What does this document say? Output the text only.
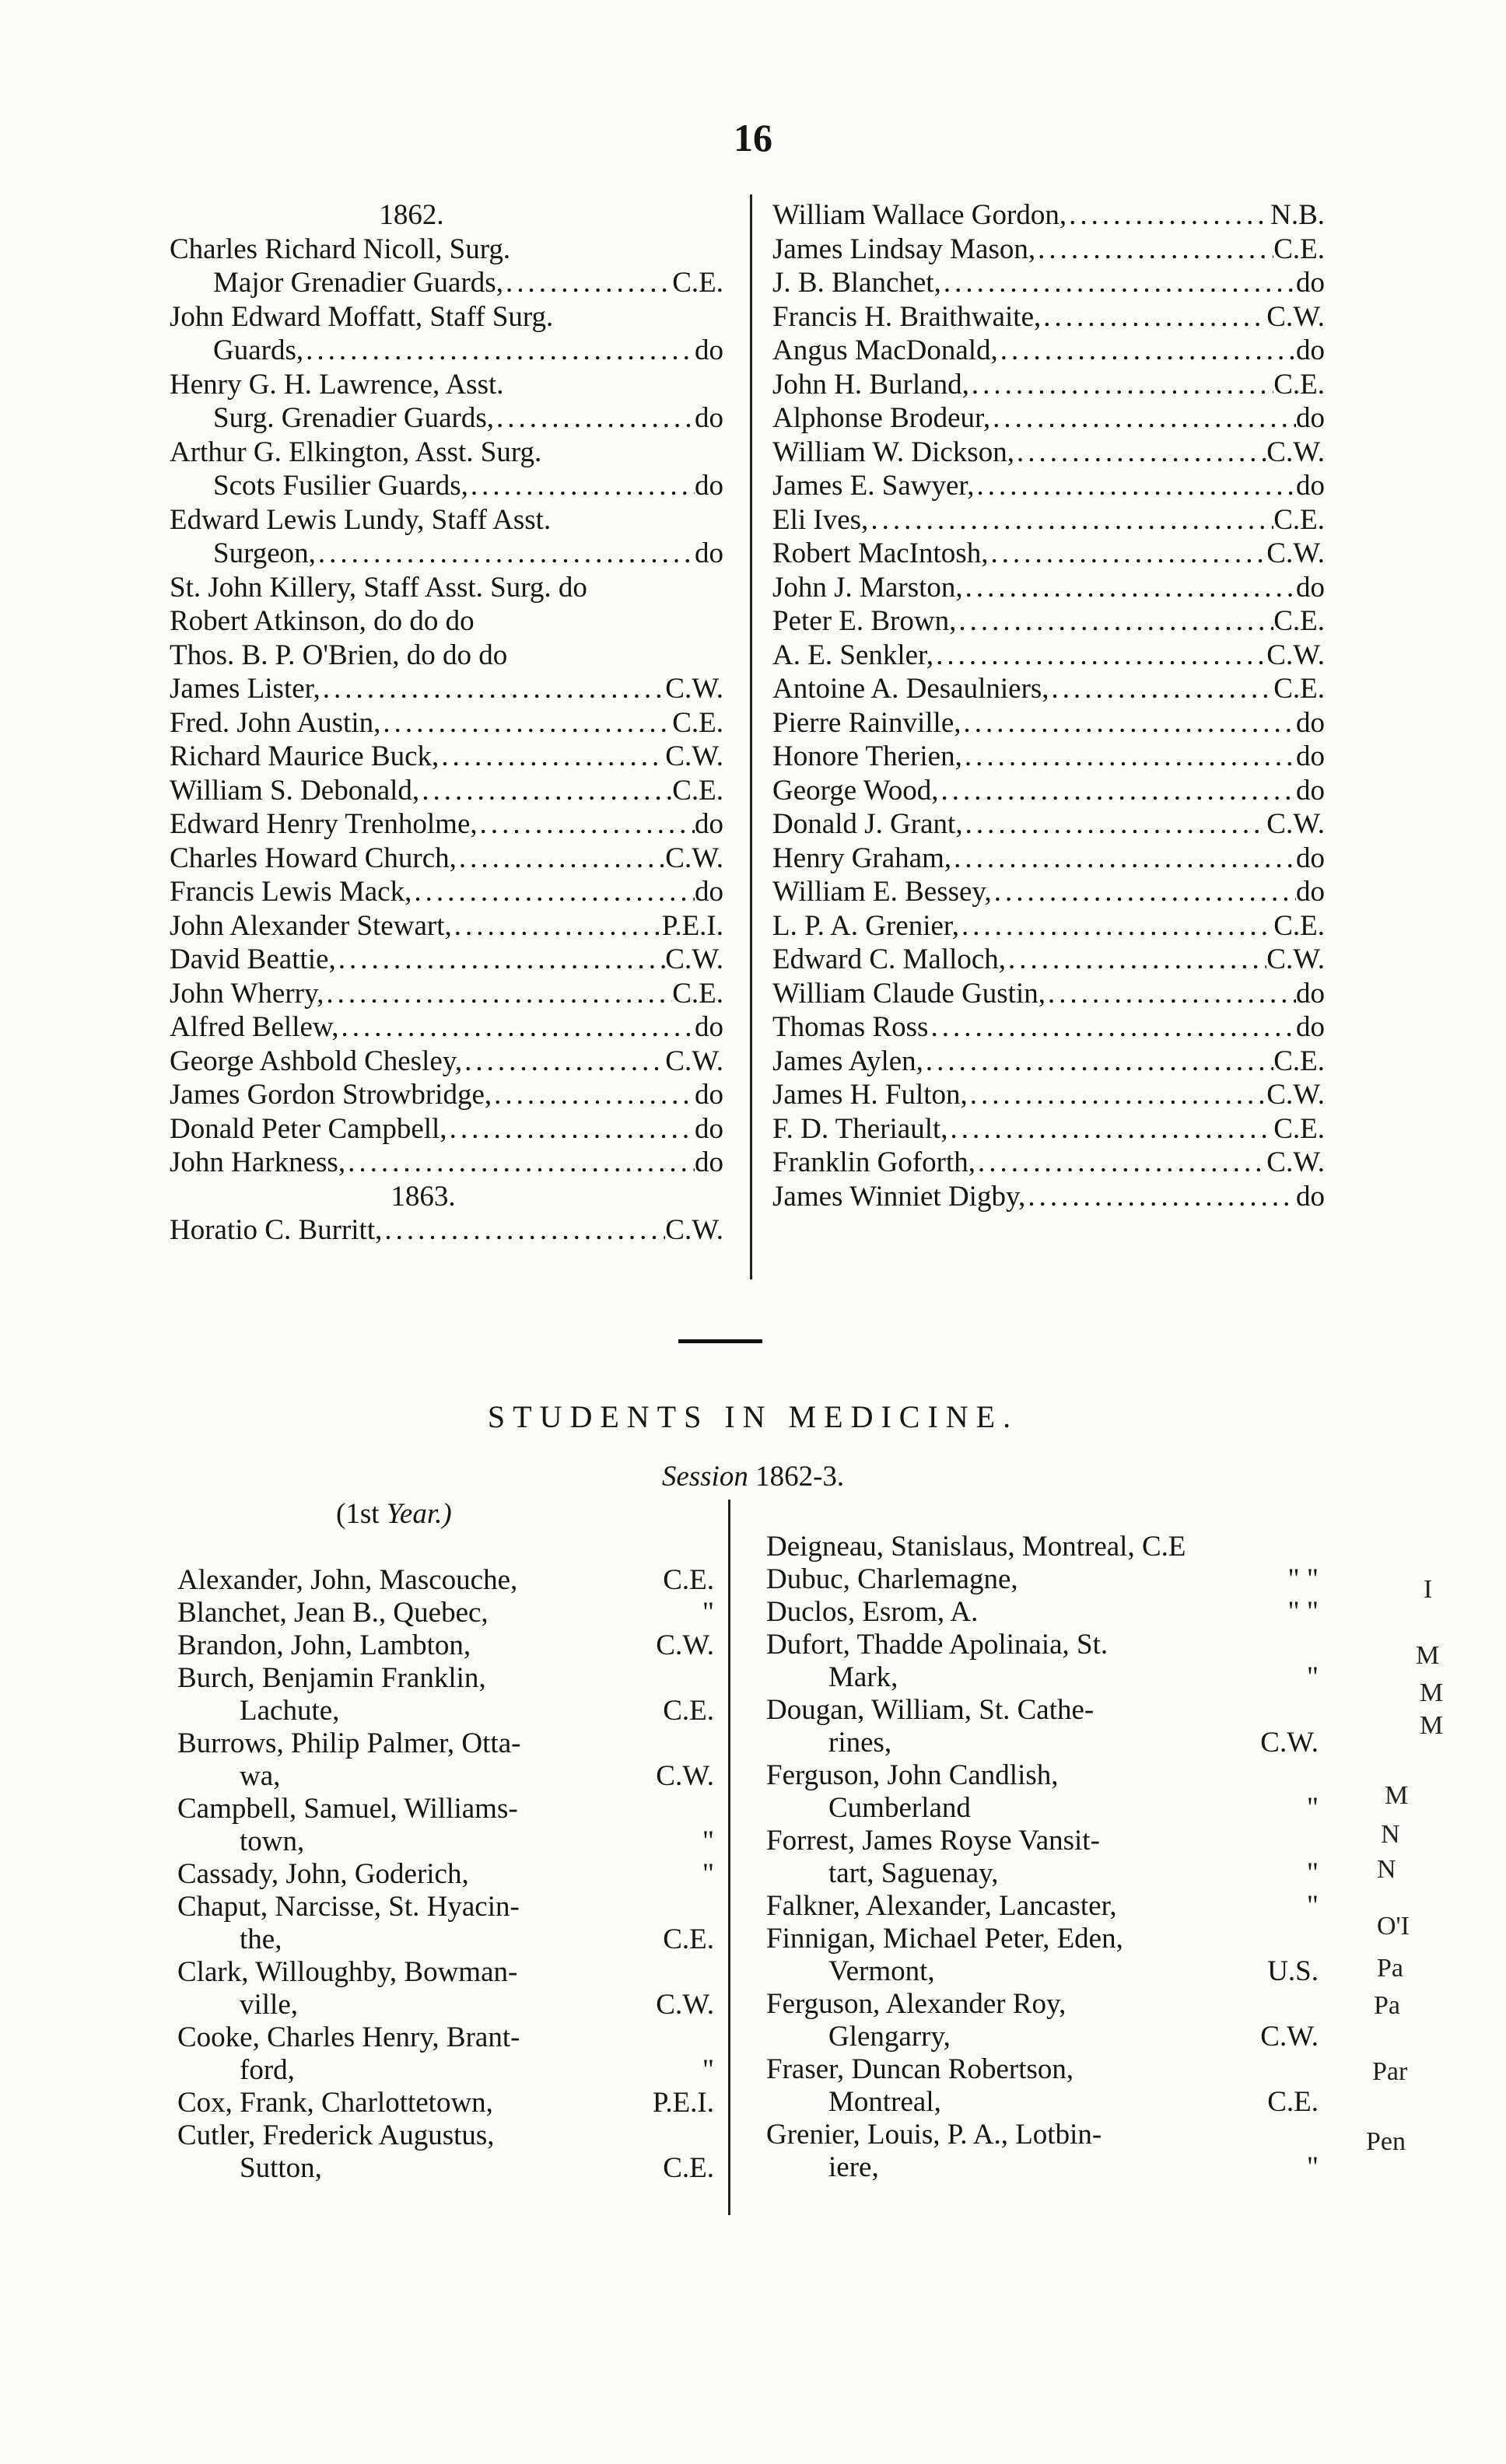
16
1862.
Charles Richard Nicoll, Surg.
Major Grenadier Guards, .....	C.E.
John Edward Moffatt, Staff Surg.
Guards, .....	do
Henry G. H. Lawrence, Asst.
Surg. Grenadier Guards, .....	do
Arthur G. Elkington, Asst. Surg.
Scots Fusilier Guards, .....	do
Edward Lewis Lundy, Staff Asst.
Surgeon, .....	do
St. John Killery, Staff Asst. Surg. do
Robert Atkinson, do do do
Thos. B. P. O'Brien, do do do
James Lister, .....	C.W.
Fred. John Austin, .....	C.E.
Richard Maurice Buck, .....	C.W.
William S. Debonald, .....	C.E.
Edward Henry Trenholme, .....	do
Charles Howard Church, .....	C.W.
Francis Lewis Mack, .....	do
John Alexander Stewart, .....	P.E.I.
David Beattie, .....	C.W.
John Wherry, .....	C.E.
Alfred Bellew, .....	do
George Ashbold Chesley, .....	C.W.
James Gordon Strowbridge, .....	do
Donald Peter Campbell, .....	do
John Harkness, .....	do
1863.
Horatio C. Burritt, .....	C.W.
William Wallace Gordon, .....	N.B.
James Lindsay Mason, .....	C.E.
J. B. Blanchet, .....	do
Francis H. Braithwaite, .....	C.W.
Angus MacDonald, .....	do
John H. Burland, .....	C.E.
Alphonse Brodeur, .....	do
William W. Dickson, .....	C.W.
James E. Sawyer, .....	do
Eli Ives, .....	C.E.
Robert MacIntosh, .....	C.W.
John J. Marston, .....	do
Peter E. Brown, .....	C.E.
A. E. Senkler, .....	C.W.
Antoine A. Desaulniers, .....	C.E.
Pierre Rainville, .....	do
Honore Therien, .....	do
George Wood, .....	do
Donald J. Grant, .....	C.W.
Henry Graham, .....	do
William E. Bessey, .....	do
L. P. A. Grenier, .....	C.E.
Edward C. Malloch, .....	C.W.
William Claude Gustin, .....	do
Thomas Ross .....	do
James Aylen, .....	C.E.
James H. Fulton, .....	C.W.
F. D. Theriault, .....	C.E.
Franklin Goforth, .....	C.W.
James Winniet Digby, .....	do
STUDENTS IN MEDICINE.
Session 1862-3.
(1st Year.)
Alexander, John, Mascouche,	C.E.
Blanchet, Jean B., Quebec,	"
Brandon, John, Lambton,	C.W.
Burch, Benjamin Franklin,
Lachute,	C.E.
Burrows, Philip Palmer, Otta-
wa,	C.W.
Campbell, Samuel, Williams-
town,	"
Cassady, John, Goderich,	"
Chaput, Narcisse, St. Hyacin-
the,	C.E.
Clark, Willoughby, Bowman-
ville,	C.W.
Cooke, Charles Henry, Brant-
ford,	"
Cox, Frank, Charlottetown,	P.E.I.
Cutler, Frederick Augustus,
Sutton,	C.E.
Deigneau, Stanislaus, Montreal, C.E
Dubuc, Charlemagne,	" "
Duclos, Esrom, A.	" "
Dufort, Thadde Apolinaia, St.
Mark,	"
Dougan, William, St. Cathe-
rines,	C.W.
Ferguson, John Candlish,
Cumberland	"
Forrest, James Royse Vansit-
tart, Saguenay,	"
Falkner, Alexander, Lancaster,	"
Finnigan, Michael Peter, Eden,
Vermont,	U.S.
Ferguson, Alexander Roy,
Glengarry,	C.W.
Fraser, Duncan Robertson,
Montreal,	C.E.
Grenier, Louis, P. A., Lotbin-
iere,	"
I
M
M
M
M
N
N
O'I
Pa
Pa
Par
Pen
